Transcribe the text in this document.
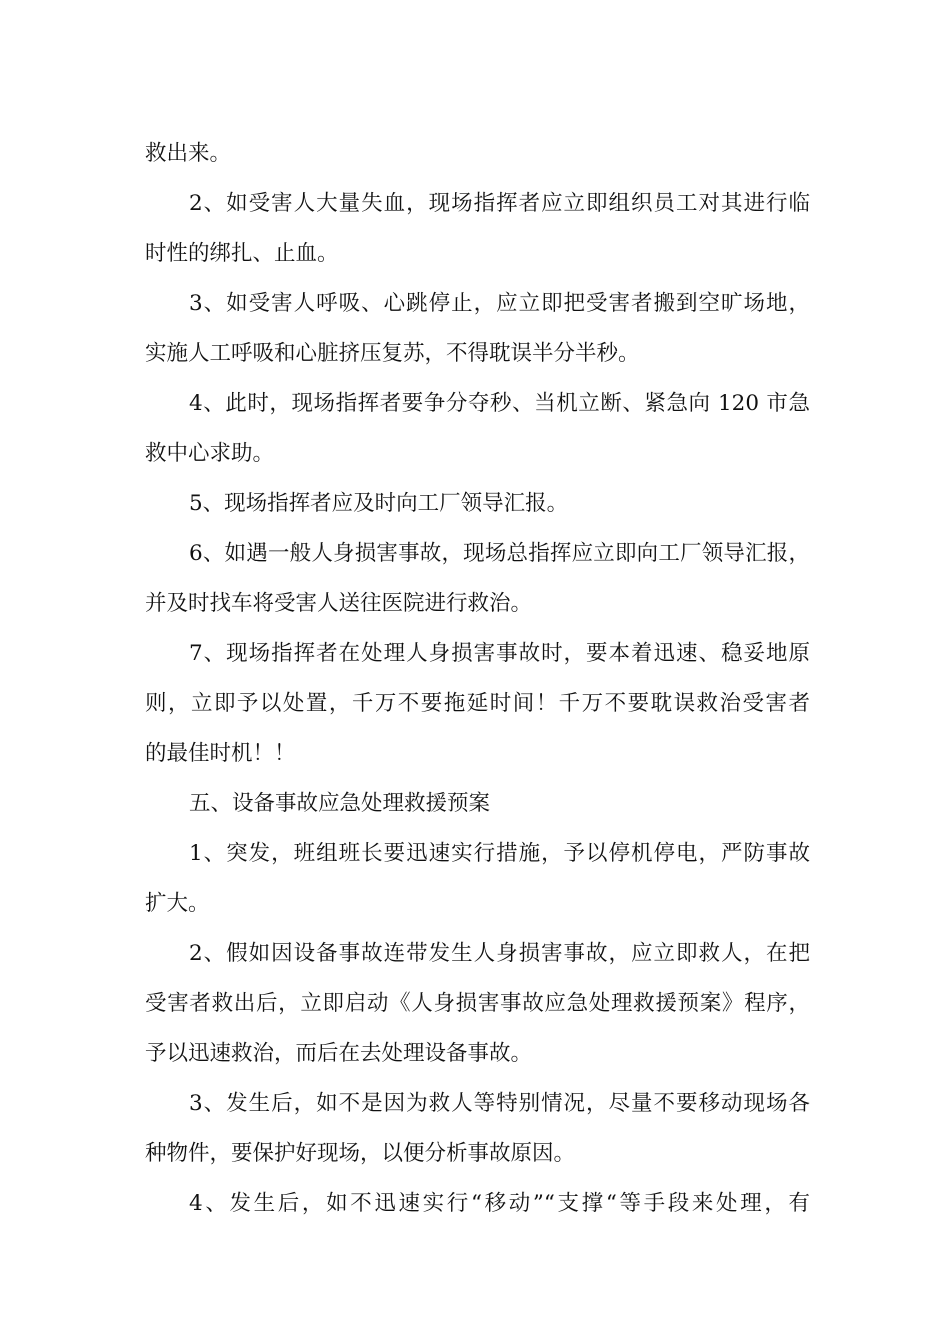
救出来。
2、如受害人大量失血，现场指挥者应立即组织员工对其进行临
时性的绑扎、止血。
3、如受害人呼吸、心跳停止，应立即把受害者搬到空旷场地，
实施人工呼吸和心脏挤压复苏，不得耽误半分半秒。
4、此时，现场指挥者要争分夺秒、当机立断、紧急向 120 市急
救中心求助。
5、现场指挥者应及时向工厂领导汇报。
6、如遇一般人身损害事故，现场总指挥应立即向工厂领导汇报，
并及时找车将受害人送往医院进行救治。
7、现场指挥者在处理人身损害事故时，要本着迅速、稳妥地原
则，立即予以处置，千万不要拖延时间！千万不要耽误救治受害者
的最佳时机！！
五、设备事故应急处理救援预案
1、突发，班组班长要迅速实行措施，予以停机停电，严防事故
扩大。
2、假如因设备事故连带发生人身损害事故，应立即救人，在把
受害者救出后，立即启动《人身损害事故应急处理救援预案》程序，
予以迅速救治，而后在去处理设备事故。
3、发生后，如不是因为救人等特别情况，尽量不要移动现场各
种物件，要保护好现场，以便分析事故原因。
4、发生后，如不迅速实行“移动”“支撑“等手段来处理，有
